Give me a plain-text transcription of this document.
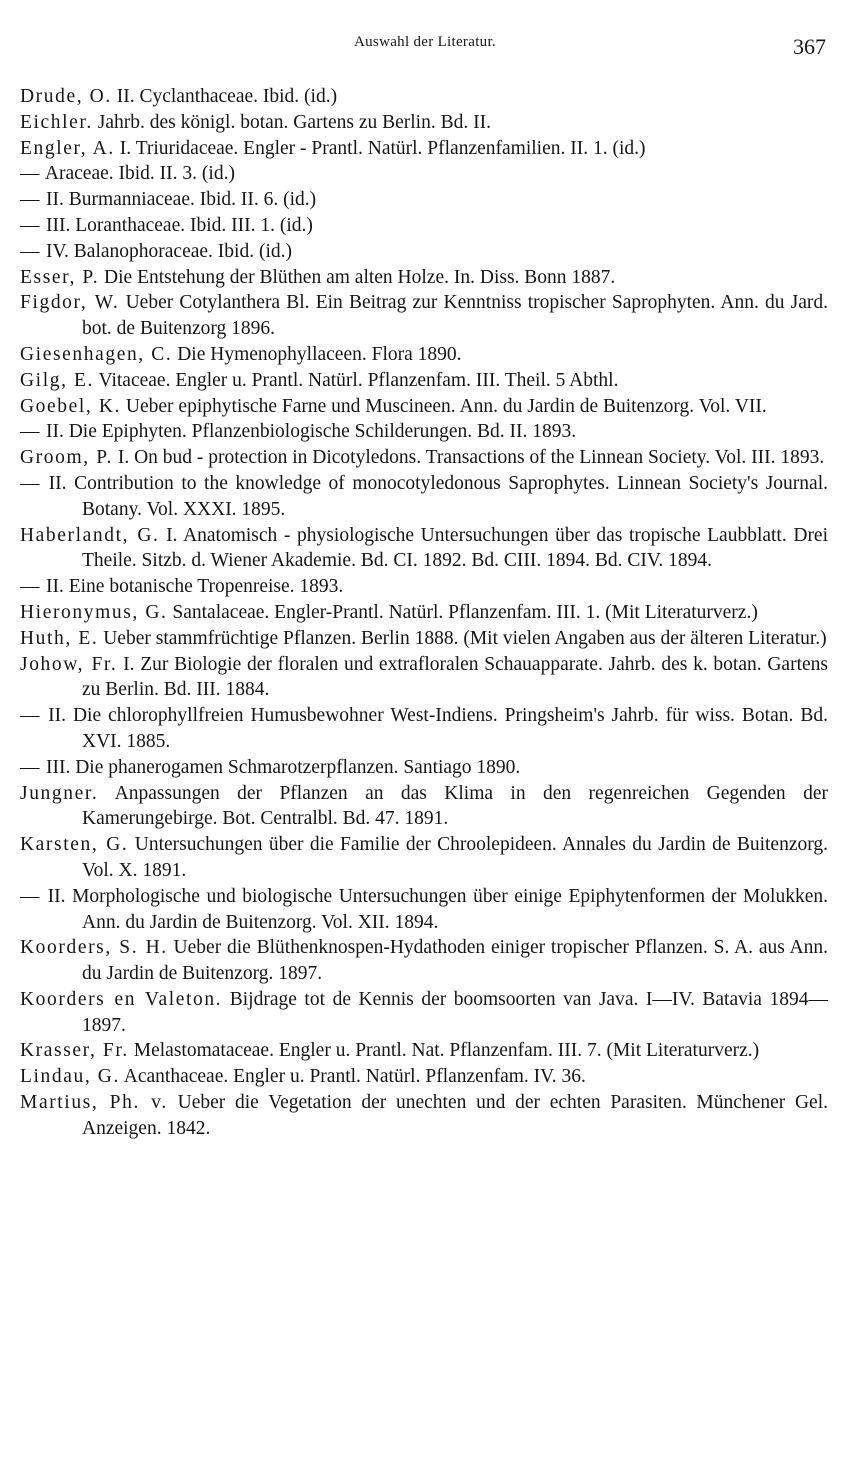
Auswahl der Literatur.	367

Drude, O. II. Cyclanthaceae. Ibid. (id.)

Eichler. Jahrb. des königl. botan. Gartens zu Berlin. Bd. II.

Engler, A. I. Triuridaceae. Engler - Prantl. Natürl. Pflanzenfamilien. II. 1. (id.)

— Araceae. Ibid. II. 3. (id.)

— II. Burmanniaceae. Ibid. II. 6. (id.)

— III. Loranthaceae. Ibid. III. 1. (id.)

— IV. Balanophoraceae. Ibid. (id.)

Esser, P. Die Entstehung der Blüthen am alten Holze. In. Diss. Bonn 1887.

Figdor, W. Ueber Cotylanthera Bl. Ein Beitrag zur Kenntniss tropischer Saprophyten. Ann. du Jard. bot. de Buitenzorg 1896.

Giesenhagen, C. Die Hymenophyllaceen. Flora 1890.

Gilg, E. Vitaceae. Engler u. Prantl. Natürl. Pflanzenfam. III. Theil. 5 Abthl.

Goebel, K. Ueber epiphytische Farne und Muscineen. Ann. du Jardin de Buitenzorg. Vol. VII.

— II. Die Epiphyten. Pflanzenbiologische Schilderungen. Bd. II. 1893.

Groom, P. I. On bud - protection in Dicotyledons. Transactions of the Linnean Society. Vol. III. 1893.

— II. Contribution to the knowledge of monocotyledonous Saprophytes. Linnean Society's Journal. Botany. Vol. XXXI. 1895.

Haberlandt, G. I. Anatomisch - physiologische Untersuchungen über das tropische Laubblatt. Drei Theile. Sitzb. d. Wiener Akademie. Bd. CI. 1892. Bd. CIII. 1894. Bd. CIV. 1894.

— II. Eine botanische Tropenreise. 1893.

Hieronymus, G. Santalaceae. Engler-Prantl. Natürl. Pflanzenfam. III. 1. (Mit Literaturverz.)

Huth, E. Ueber stammfrüchtige Pflanzen. Berlin 1888. (Mit vielen Angaben aus der älteren Literatur.)

Johow, Fr. I. Zur Biologie der floralen und extrafloralen Schauapparate. Jahrb. des k. botan. Gartens zu Berlin. Bd. III. 1884.

— II. Die chlorophyllfreien Humusbewohner West-Indiens. Pringsheim's Jahrb. für wiss. Botan. Bd. XVI. 1885.

— III. Die phanerogamen Schmarotzerpflanzen. Santiago 1890.

Jungner. Anpassungen der Pflanzen an das Klima in den regenreichen Gegenden der Kamerungebirge. Bot. Centralbl. Bd. 47. 1891.

Karsten, G. Untersuchungen über die Familie der Chroolepideen. Annales du Jardin de Buitenzorg. Vol. X. 1891.

— II. Morphologische und biologische Untersuchungen über einige Epiphytenformen der Molukken. Ann. du Jardin de Buitenzorg. Vol. XII. 1894.

Koorders, S. H. Ueber die Blüthenknospen-Hydathoden einiger tropischer Pflanzen. S. A. aus Ann. du Jardin de Buitenzorg. 1897.

Koorders en Valeton. Bijdrage tot de Kennis der boomsoorten van Java. I—IV. Batavia 1894—1897.

Krasser, Fr. Melastomataceae. Engler u. Prantl. Nat. Pflanzenfam. III. 7. (Mit Literaturverz.)

Lindau, G. Acanthaceae. Engler u. Prantl. Natürl. Pflanzenfam. IV. 36.

Martius, Ph. v. Ueber die Vegetation der unechten und der echten Parasiten. Münchener Gel. Anzeigen. 1842.
